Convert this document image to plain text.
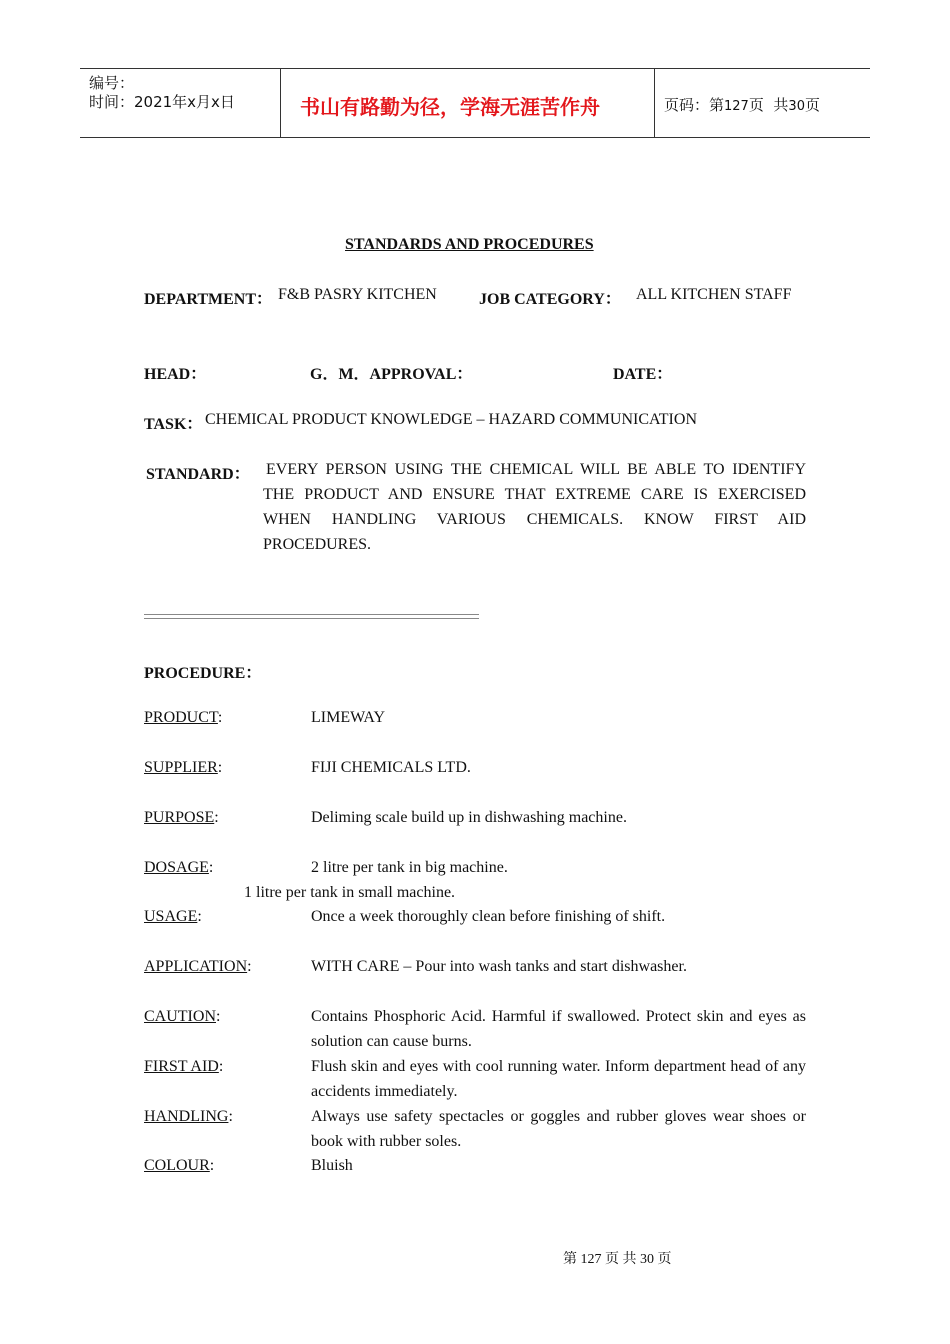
编号：
时间：2021年x月x日	书山有路勤为径，学海无涯苦作舟	页码：第127页 共30页
STANDARDS AND PROCEDURES
DEPARTMENT： F&B PASRY KITCHEN	JOB CATEGORY： ALL KITCHEN STAFF
HEAD：	G．M．APPROVAL：	DATE：
TASK： CHEMICAL PRODUCT KNOWLEDGE – HAZARD COMMUNICATION
STANDARD： EVERY PERSON USING THE CHEMICAL WILL BE ABLE TO IDENTIFY THE PRODUCT AND ENSURE THAT EXTREME CARE IS EXERCISED WHEN HANDLING VARIOUS CHEMICALS. KNOW FIRST AID PROCEDURES.
PROCEDURE：
PRODUCT:	LIMEWAY
SUPPLIER:	FIJI CHEMICALS LTD.
PURPOSE:	Deliming scale build up in dishwashing machine.
DOSAGE:	2 litre per tank in big machine.
1 litre per tank in small machine.
USAGE:	Once a week thoroughly clean before finishing of shift.
APPLICATION:	WITH CARE – Pour into wash tanks and start dishwasher.
CAUTION:	Contains Phosphoric Acid. Harmful if swallowed. Protect skin and eyes as solution can cause burns.
FIRST AID:	Flush skin and eyes with cool running water. Inform department head of any accidents immediately.
HANDLING:	Always use safety spectacles or goggles and rubber gloves wear shoes or book with rubber soles.
COLOUR:	Bluish
第 127 页 共 30 页
